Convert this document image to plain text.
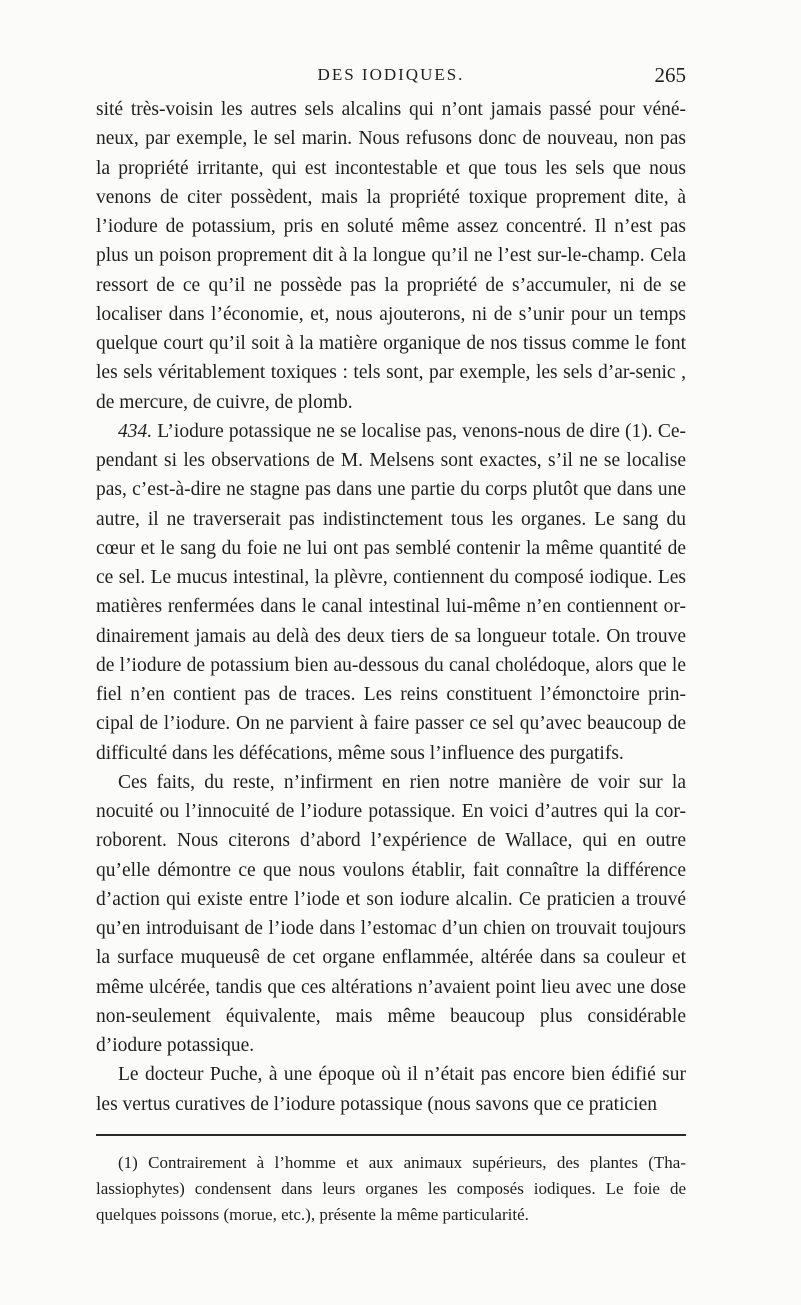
DES IODIQUES.	265

sité très-voisin les autres sels alcalins qui n’ont jamais passé pour véné-neux, par exemple, le sel marin. Nous refusons donc de nouveau, non pas la propriété irritante, qui est incontestable et que tous les sels que nous venons de citer possèdent, mais la propriété toxique proprement dite, à l’iodure de potassium, pris en soluté même assez concentré. Il n’est pas plus un poison proprement dit à la longue qu’il ne l’est sur-le-champ. Cela ressort de ce qu’il ne possède pas la propriété de s’accumuler, ni de se localiser dans l’économie, et, nous ajouterons, ni de s’unir pour un temps quelque court qu’il soit à la matière organique de nos tissus comme le font les sels véritablement toxiques : tels sont, par exemple, les sels d’ar-senic , de mercure, de cuivre, de plomb.

434. L’iodure potassique ne se localise pas, venons-nous de dire (1). Ce-pendant si les observations de M. Melsens sont exactes, s’il ne se localise pas, c’est-à-dire ne stagne pas dans une partie du corps plutôt que dans une autre, il ne traverserait pas indistinctement tous les organes. Le sang du cœur et le sang du foie ne lui ont pas semblé contenir la même quantité de ce sel. Le mucus intestinal, la plèvre, contiennent du composé iodique. Les matières renfermées dans le canal intestinal lui-même n’en contiennent or-dinairement jamais au delà des deux tiers de sa longueur totale. On trouve de l’iodure de potassium bien au-dessous du canal cholédoque, alors que le fiel n’en contient pas de traces. Les reins constituent l’émonctoire prin-cipal de l’iodure. On ne parvient à faire passer ce sel qu’avec beaucoup de difficulté dans les défécations, même sous l’influence des purgatifs.

Ces faits, du reste, n’infirment en rien notre manière de voir sur la nocuité ou l’innocuité de l’iodure potassique. En voici d’autres qui la cor-roborent. Nous citerons d’abord l’expérience de Wallace, qui en outre qu’elle démontre ce que nous voulons établir, fait connaître la différence d’action qui existe entre l’iode et son iodure alcalin. Ce praticien a trouvé qu’en introduisant de l’iode dans l’estomac d’un chien on trouvait toujours la surface muqueusê de cet organe enflammée, altérée dans sa couleur et même ulcérée, tandis que ces altérations n’avaient point lieu avec une dose non-seulement équivalente, mais même beaucoup plus considérable d’iodure potassique.

Le docteur Puche, à une époque où il n’était pas encore bien édifié sur les vertus curatives de l’iodure potassique (nous savons que ce praticien

(1) Contrairement à l’homme et aux animaux supérieurs, des plantes (Tha-lassiophytes) condensent dans leurs organes les composés iodiques. Le foie de quelques poissons (morue, etc.), présente la même particularité.
